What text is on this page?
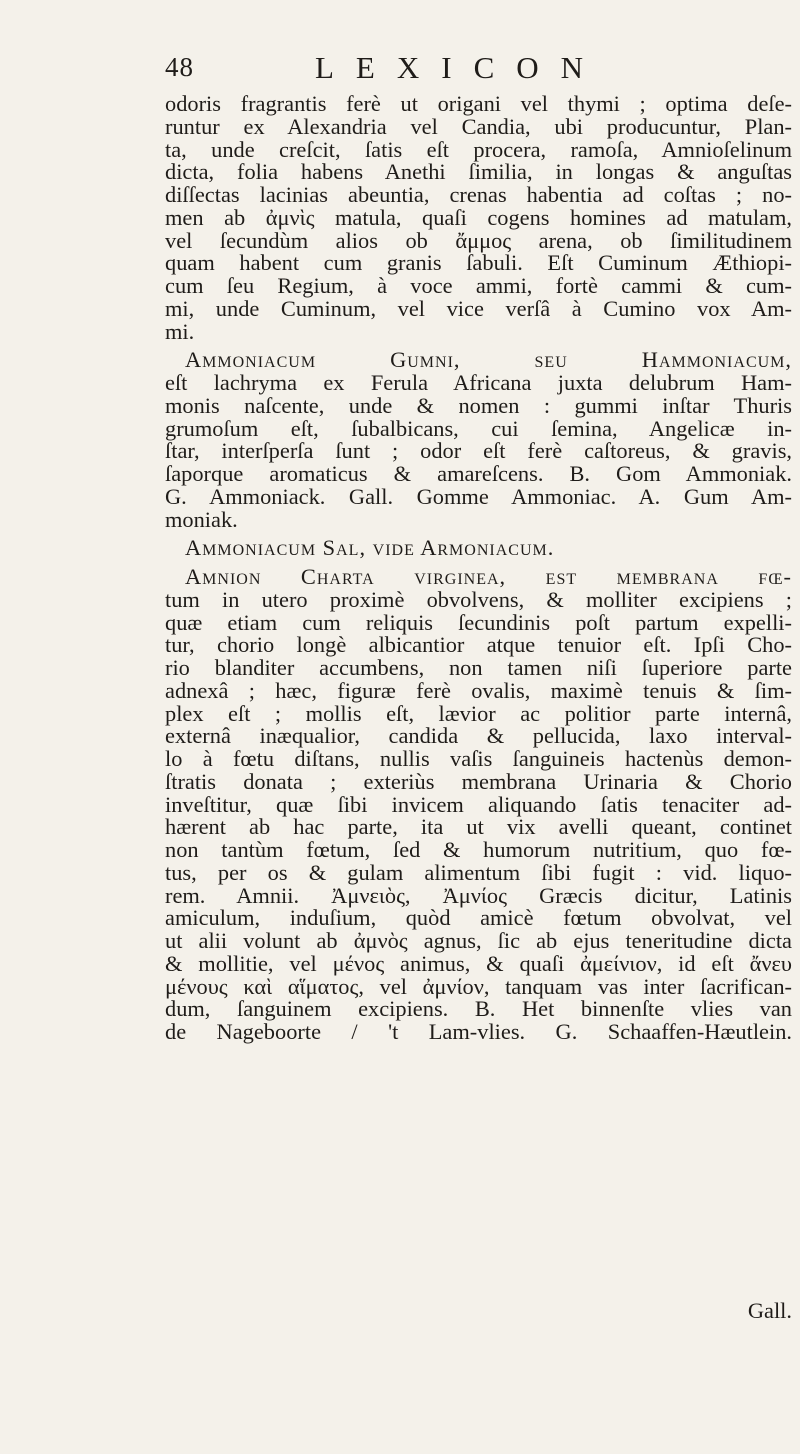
48	LEXICON
odoris fragrantis ferè ut origani vel thymi ; optima deſe-
runtur ex Alexandria vel Candia, ubi producuntur, Plan-
ta, unde creſcit, ſatis eſt procera, ramoſa, Amnioſelinum
dicta, folia habens Anethi ſimilia, in longas & anguſtas
diſſectas lacinias abeuntia, crenas habentia ad coſtas ; no-
men ab ἀμνὶς matula, quaſi cogens homines ad matulam,
vel ſecundùm alios ob ἄμμος arena, ob ſimilitudinem
quam habent cum granis ſabuli. Eſt Cuminum Æthiopi-
cum ſeu Regium, à voce ammi, fortè cammi & cum-
mi, unde Cuminum, vel vice verſâ à Cumino vox Am-
mi.
Ammoniacum Gumni, ſeu Hammoniacum,
eſt lachryma ex Ferula Africana juxta delubrum Ham-
monis naſcente, unde & nomen : gummi inſtar Thuris
grumoſum eſt, ſubalbicans, cui ſemina, Angelicæ in-
ſtar, interſperſa ſunt ; odor eſt ferè caſtoreus, & gravis,
ſaporque aromaticus & amareſcens. B. Gom Ammoniak.
G. Ammoniack. Gall. Gomme Ammoniac. A. Gum Am-
moniak.
Ammoniacum Sal, vide Armoniacum.
Amnion Charta virginea, eſt membrana fœ-
tum in utero proximè obvolvens, & molliter excipiens ;
quæ etiam cum reliquis ſecundinis poſt partum expelli-
tur, chorio longè albicantior atque tenuior eſt. Ipſi Cho-
rio blanditer accumbens, non tamen niſi ſuperiore parte
adnexâ ; hæc, figuræ ferè ovalis, maximè tenuis & ſim-
plex eſt ; mollis eſt, lævior ac politior parte internâ,
externâ inæqualior, candida & pellucida, laxo interval-
lo à fœtu diſtans, nullis vaſis ſanguineis hactenùs demon-
ſtratis donata ; exteriùs membrana Urinaria & Chorio
inveſtitur, quæ ſibi invicem aliquando ſatis tenaciter ad-
hærent ab hac parte, ita ut vix avelli queant, continet
non tantùm fœtum, ſed & humorum nutritium, quo fœ-
tus, per os & gulam alimentum ſibi fugit : vid. liquo-
rem. Amnii. Ἀμνειὸς, Ἀμνίος Græcis dicitur, Latinis
amiculum, induſium, quòd amicè fœtum obvolvat, vel
ut alii volunt ab ἀμνὸς agnus, ſic ab ejus teneritudine dicta
& mollitie, vel μένος animus, & quaſi ἀμείνιον, id eſt ἄνευ
μένους καὶ αἵματος, vel ἀμνίον, tanquam vas inter ſacrifican-
dum, ſanguinem excipiens. B. Het binnenſte vlies van
de Nageboorte / 't Lam-vlies. G. Schaaffen-Hæutlein.
Gall.
